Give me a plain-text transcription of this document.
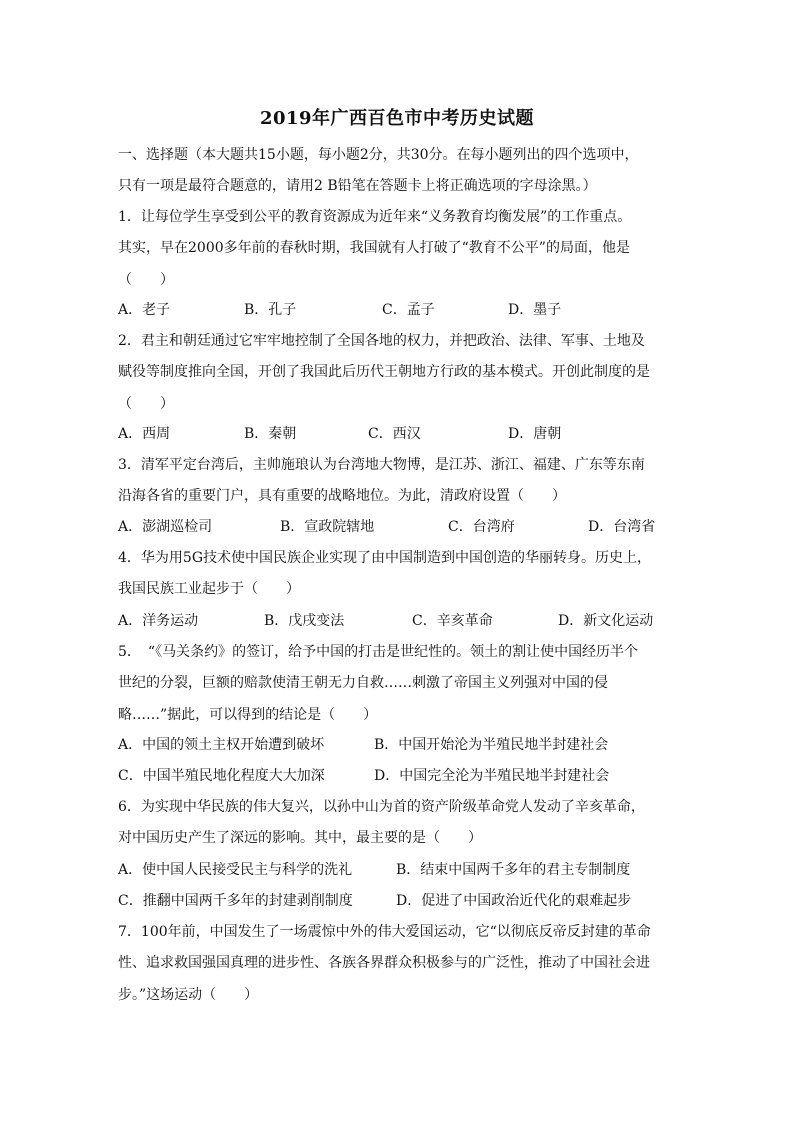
2019年广西百色市中考历史试题
一、选择题（本大题共15小题，每小题2分，共30分。在每小题列出的四个选项中，
只有一项是最符合题意的，请用2 B铅笔在答题卡上将正确选项的字母涂黑。）
1．让每位学生享受到公平的教育资源成为近年来“义务教育均衡发展”的工作重点。
其实，早在2000多年前的春秋时期，我国就有人打破了“教育不公平”的局面，他是
（　　）
A．老子	B．孔子	C．孟子	D．墨子
2．君主和朝廷通过它牢牢地控制了全国各地的权力，并把政治、法律、军事、土地及
赋役等制度推向全国，开创了我国此后历代王朝地方行政的基本模式。开创此制度的是
（　　）
A．西周	B．秦朝	C．西汉	D．唐朝
3．清军平定台湾后，主帅施琅认为台湾地大物博，是江苏、浙江、福建、广东等东南
沿海各省的重要门户，具有重要的战略地位。为此，清政府设置（　　）
A．澎湖巡检司	B．宣政院辖地	C．台湾府	D．台湾省
4．华为用5G技术使中国民族企业实现了由中国制造到中国创造的华丽转身。历史上，
我国民族工业起步于（　　）
A．洋务运动	B．戊戌变法	C．辛亥革命	D．新文化运动
5．　“《马关条约》的签订，给予中国的打击是世纪性的。领土的割让使中国经历半个
世纪的分裂，巨额的赔款使清王朝无力自救……刺激了帝国主义列强对中国的侵
略……”据此，可以得到的结论是（　　）
A．中国的领土主权开始遭到破坏	B．中国开始沦为半殖民地半封建社会
C．中国半殖民地化程度大大加深	D．中国完全沦为半殖民地半封建社会
6．为实现中华民族的伟大复兴，以孙中山为首的资产阶级革命党人发动了辛亥革命，
对中国历史产生了深远的影响。其中，最主要的是（　　）
A．使中国人民接受民主与科学的洗礼	B．结束中国两千多年的君主专制制度
C．推翻中国两千多年的封建剥削制度	D．促进了中国政治近代化的艰难起步
7．100年前，中国发生了一场震惊中外的伟大爱国运动，它“以彻底反帝反封建的革命
性、追求救国强国真理的进步性、各族各界群众积极参与的广泛性，推动了中国社会进
步。”这场运动（　　）
